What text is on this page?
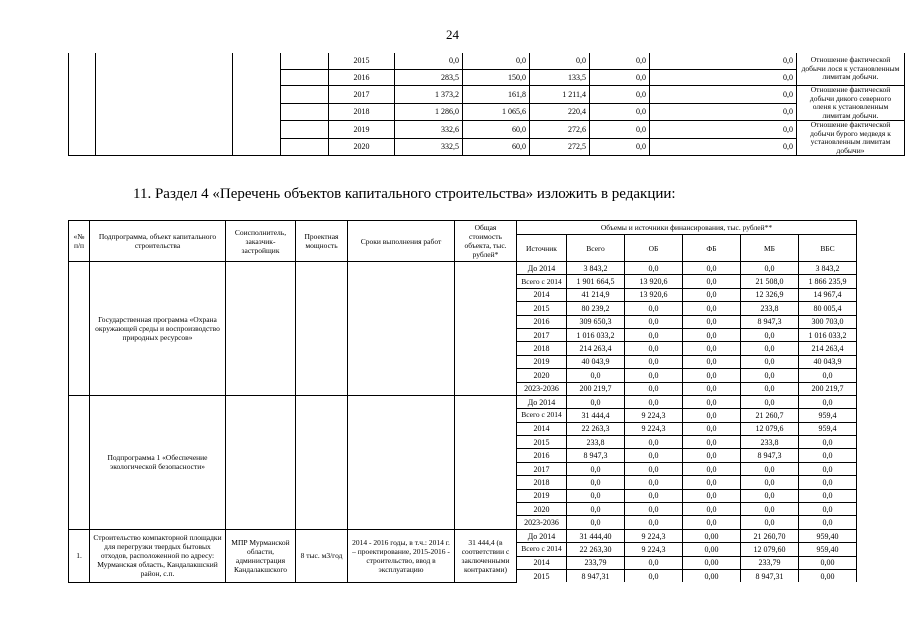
24
				2015	0,0	0,0	0,0	0,0	0,0	Отношение фактической добычи лося к установленным лимитам добычи.
				2016	283,5	150,0	133,5	0,0	0,0	
				2017	1 373,2	161,8	1 211,4	0,0	0,0	Отношение фактической добычи дикого северного оленя к установленным лимитам добычи.
				2018	1 286,0	1 065,6	220,4	0,0	0,0	
				2019	332,6	60,0	272,6	0,0	0,0	Отношение фактической добычи бурого медведя к установленным лимитам добычи»
				2020	332,5	60,0	272,5	0,0	0,0	
11. Раздел 4 «Перечень объектов капитального строительства» изложить в редакции:
«№ п/п	Подпрограмма, объект капитального строительства	Соисполнитель, заказчик-застройщик	Проектная мощность	Сроки выполнения работ	Общая стоимость объекта, тыс. рублей*	Объемы и источники финансирования, тыс. рублей**					
						Источник	Всего	ОБ	ФБ	МБ	ВБС
	Государственная программа «Охрана окружающей среды и воспроизводство природных ресурсов»					До 2014	3 843,2	0,0	0,0	0,0	3 843,2
						Всего с 2014	1 901 664,5	13 920,6	0,0	21 508,0	1 866 235,9
						2014	41 214,9	13 920,6	0,0	12 326,9	14 967,4
						2015	80 239,2	0,0	0,0	233,8	80 005,4
						2016	309 650,3	0,0	0,0	8 947,3	300 703,0
						2017	1 016 033,2	0,0	0,0	0,0	1 016 033,2
						2018	214 263,4	0,0	0,0	0,0	214 263,4
						2019	40 043,9	0,0	0,0	0,0	40 043,9
						2020	0,0	0,0	0,0	0,0	0,0
						2023-2036	200 219,7	0,0	0,0	0,0	200 219,7
	Подпрограмма 1 «Обеспечение экологической безопасности»					До 2014	0,0	0,0	0,0	0,0	0,0
						Всего с 2014	31 444,4	9 224,3	0,0	21 260,7	959,4
						2014	22 263,3	9 224,3	0,0	12 079,6	959,4
						2015	233,8	0,0	0,0	233,8	0,0
						2016	8 947,3	0,0	0,0	8 947,3	0,0
						2017	0,0	0,0	0,0	0,0	0,0
						2018	0,0	0,0	0,0	0,0	0,0
						2019	0,0	0,0	0,0	0,0	0,0
						2020	0,0	0,0	0,0	0,0	0,0
						2023-2036	0,0	0,0	0,0	0,0	0,0
1.	Строительство компакторной площадки для перегрузки твердых бытовых отходов, расположенной по адресу: Мурманская область, Кандалакшский район, с.п.	МПР Мурманской области, администрация Кандалакшского	8 тыс. м3/год	2014 - 2016 годы, в т.ч.: 2014 г. – проектирование, 2015-2016 - строительство, ввод в эксплуатацию	31 444,4 (в соответствии с заключенными контрактами)	До 2014	31 444,40	9 224,3	0,00	21 260,70	959,40
						Всего с 2014	22 263,30	9 224,3	0,00	12 079,60	959,40
						2014	233,79	0,0	0,00	233,79	0,00
						2015	8 947,31	0,0	0,00	8 947,31	0,00
